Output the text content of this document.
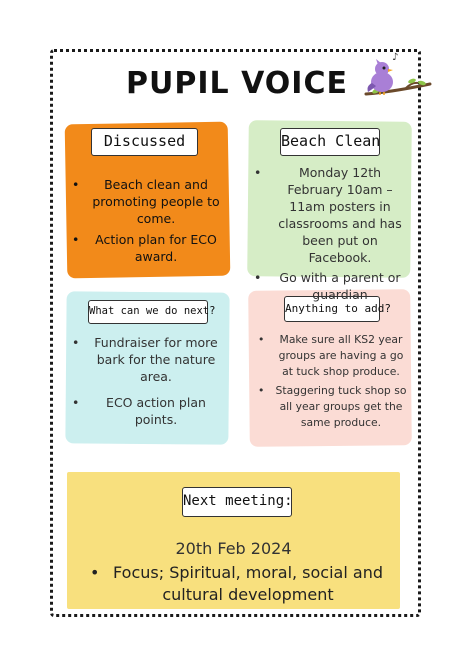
PUPIL VOICE
♪
Discussed	Beach Clean
What can we do next?	Anything to add?
Next meeting:
• Beach clean and promoting people to come.
• Action plan for ECO award.
• Monday 12th February 10am – 11am posters in classrooms and has been put on Facebook.
• Go with a parent or guardian
• Fundraiser for more bark for the nature area.
• ECO action plan points.
• Make sure all KS2 year groups are having a go at tuck shop produce.
• Staggering tuck shop so all year groups get the same produce.
20th Feb 2024
• Focus; Spiritual, moral, social and cultural development
